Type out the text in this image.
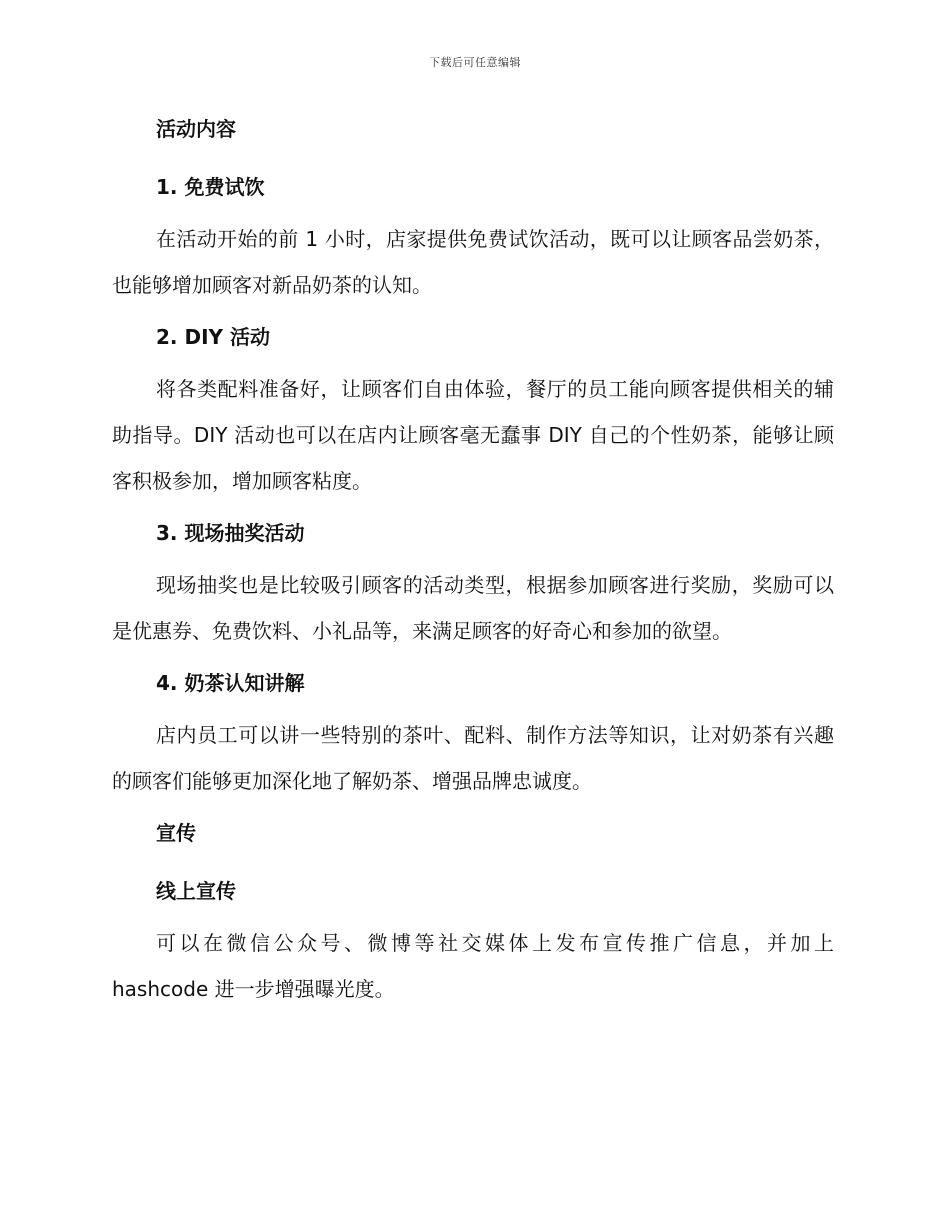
下载后可任意编辑
活动内容
1. 免费试饮

在活动开始的前 1 小时，店家提供免费试饮活动，既可以让顾客品尝奶茶，也能够增加顾客对新品奶茶的认知。

2. DIY 活动

将各类配料准备好，让顾客们自由体验，餐厅的员工能向顾客提供相关的辅助指导。DIY 活动也可以在店内让顾客毫无蠢事 DIY 自己的个性奶茶，能够让顾客积极参加，增加顾客粘度。

3. 现场抽奖活动

现场抽奖也是比较吸引顾客的活动类型，根据参加顾客进行奖励，奖励可以是优惠券、免费饮料、小礼品等，来满足顾客的好奇心和参加的欲望。

4. 奶茶认知讲解

店内员工可以讲一些特别的茶叶、配料、制作方法等知识，让对奶茶有兴趣的顾客们能够更加深化地了解奶茶、增强品牌忠诚度。

宣传
线上宣传

可以在微信公众号、微博等社交媒体上发布宣传推广信息，并加上 hashcode 进一步增强曝光度。
